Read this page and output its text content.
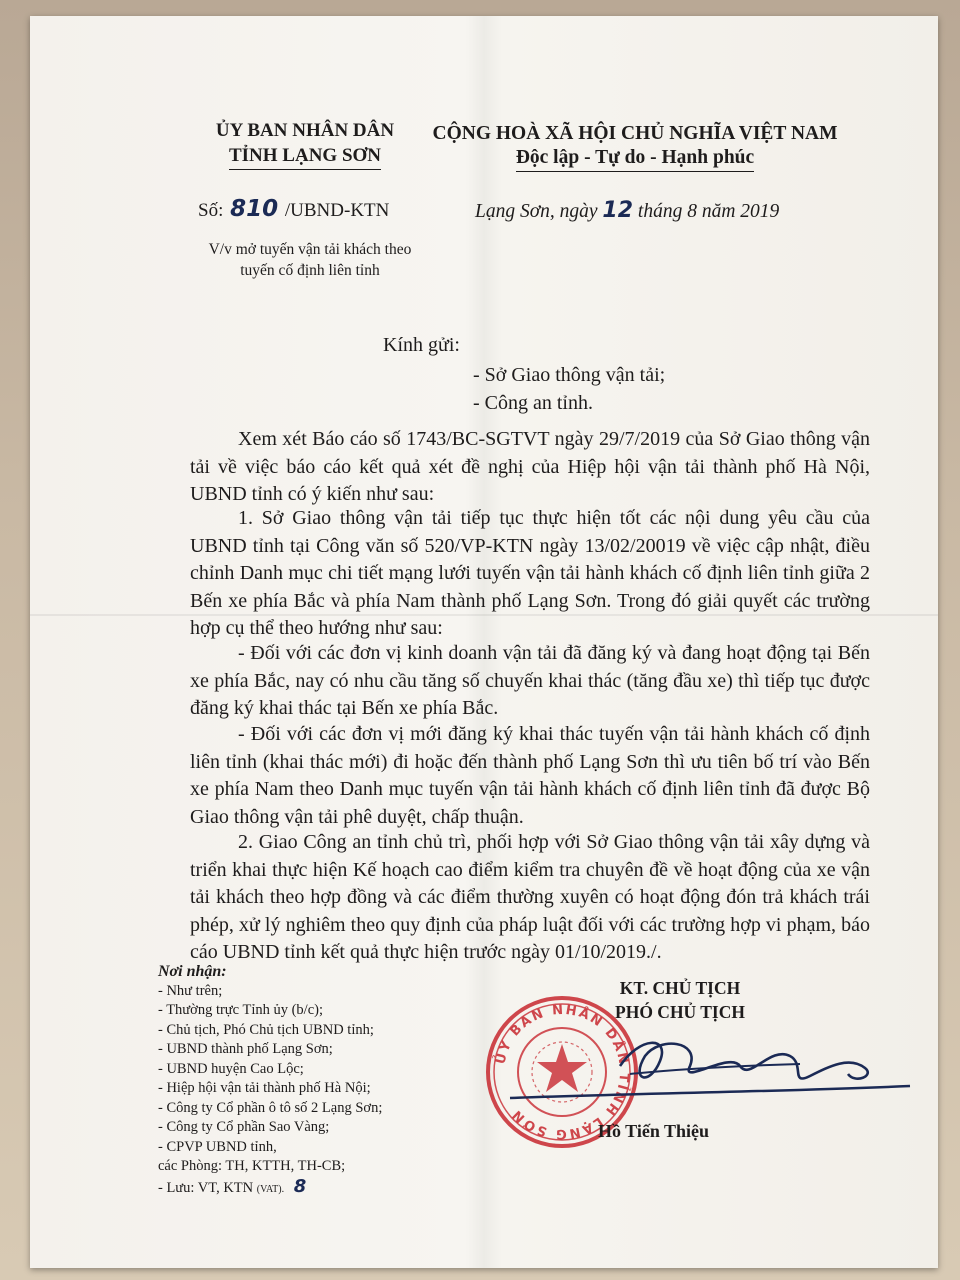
ỦY BAN NHÂN DÂN
TỈNH LẠNG SƠN
Số: 810 /UBND-KTN
V/v mở tuyến vận tải khách theo
tuyến cố định liên tỉnh
CỘNG HOÀ XÃ HỘI CHỦ NGHĨA VIỆT NAM
Độc lập - Tự do - Hạnh phúc
Lạng Sơn, ngày 12 tháng 8 năm 2019
Kính gửi:
- Sở Giao thông vận tải;
- Công an tỉnh.
Xem xét Báo cáo số 1743/BC-SGTVT ngày 29/7/2019 của Sở Giao thông vận tải về việc báo cáo kết quả xét đề nghị của Hiệp hội vận tải thành phố Hà Nội, UBND tỉnh có ý kiến như sau:
1. Sở Giao thông vận tải tiếp tục thực hiện tốt các nội dung yêu cầu của UBND tỉnh tại Công văn số 520/VP-KTN ngày 13/02/20019 về việc cập nhật, điều chỉnh Danh mục chi tiết mạng lưới tuyến vận tải hành khách cố định liên tỉnh giữa 2 Bến xe phía Bắc và phía Nam thành phố Lạng Sơn. Trong đó giải quyết các trường hợp cụ thể theo hướng như sau:
- Đối với các đơn vị kinh doanh vận tải đã đăng ký và đang hoạt động tại Bến xe phía Bắc, nay có nhu cầu tăng số chuyến khai thác (tăng đầu xe) thì tiếp tục được đăng ký khai thác tại Bến xe phía Bắc.
- Đối với các đơn vị mới đăng ký khai thác tuyến vận tải hành khách cố định liên tỉnh (khai thác mới) đi hoặc đến thành phố Lạng Sơn thì ưu tiên bố trí vào Bến xe phía Nam theo Danh mục tuyến vận tải hành khách cố định liên tỉnh đã được Bộ Giao thông vận tải phê duyệt, chấp thuận.
2. Giao Công an tỉnh chủ trì, phối hợp với Sở Giao thông vận tải xây dựng và triển khai thực hiện Kế hoạch cao điểm kiểm tra chuyên đề về hoạt động của xe vận tải khách theo hợp đồng và các điểm thường xuyên có hoạt động đón trả khách trái phép, xử lý nghiêm theo quy định của pháp luật đối với các trường hợp vi phạm, báo cáo UBND tỉnh kết quả thực hiện trước ngày 01/10/2019./.
Nơi nhận:
- Như trên;
- Thường trực Tỉnh ủy (b/c);
- Chủ tịch, Phó Chủ tịch UBND tỉnh;
- UBND thành phố Lạng Sơn;
- UBND huyện Cao Lộc;
- Hiệp hội vận tải thành phố Hà Nội;
- Công ty Cổ phần ô tô số 2 Lạng Sơn;
- Công ty Cổ phần Sao Vàng;
- CPVP UBND tỉnh,
các Phòng: TH, KTTH, TH-CB;
- Lưu: VT, KTN (VAT). 8
KT. CHỦ TỊCH
PHÓ CHỦ TỊCH
ỦY BAN NHÂN DÂN TỈNH LẠNG SƠN
Hồ Tiến Thiệu
